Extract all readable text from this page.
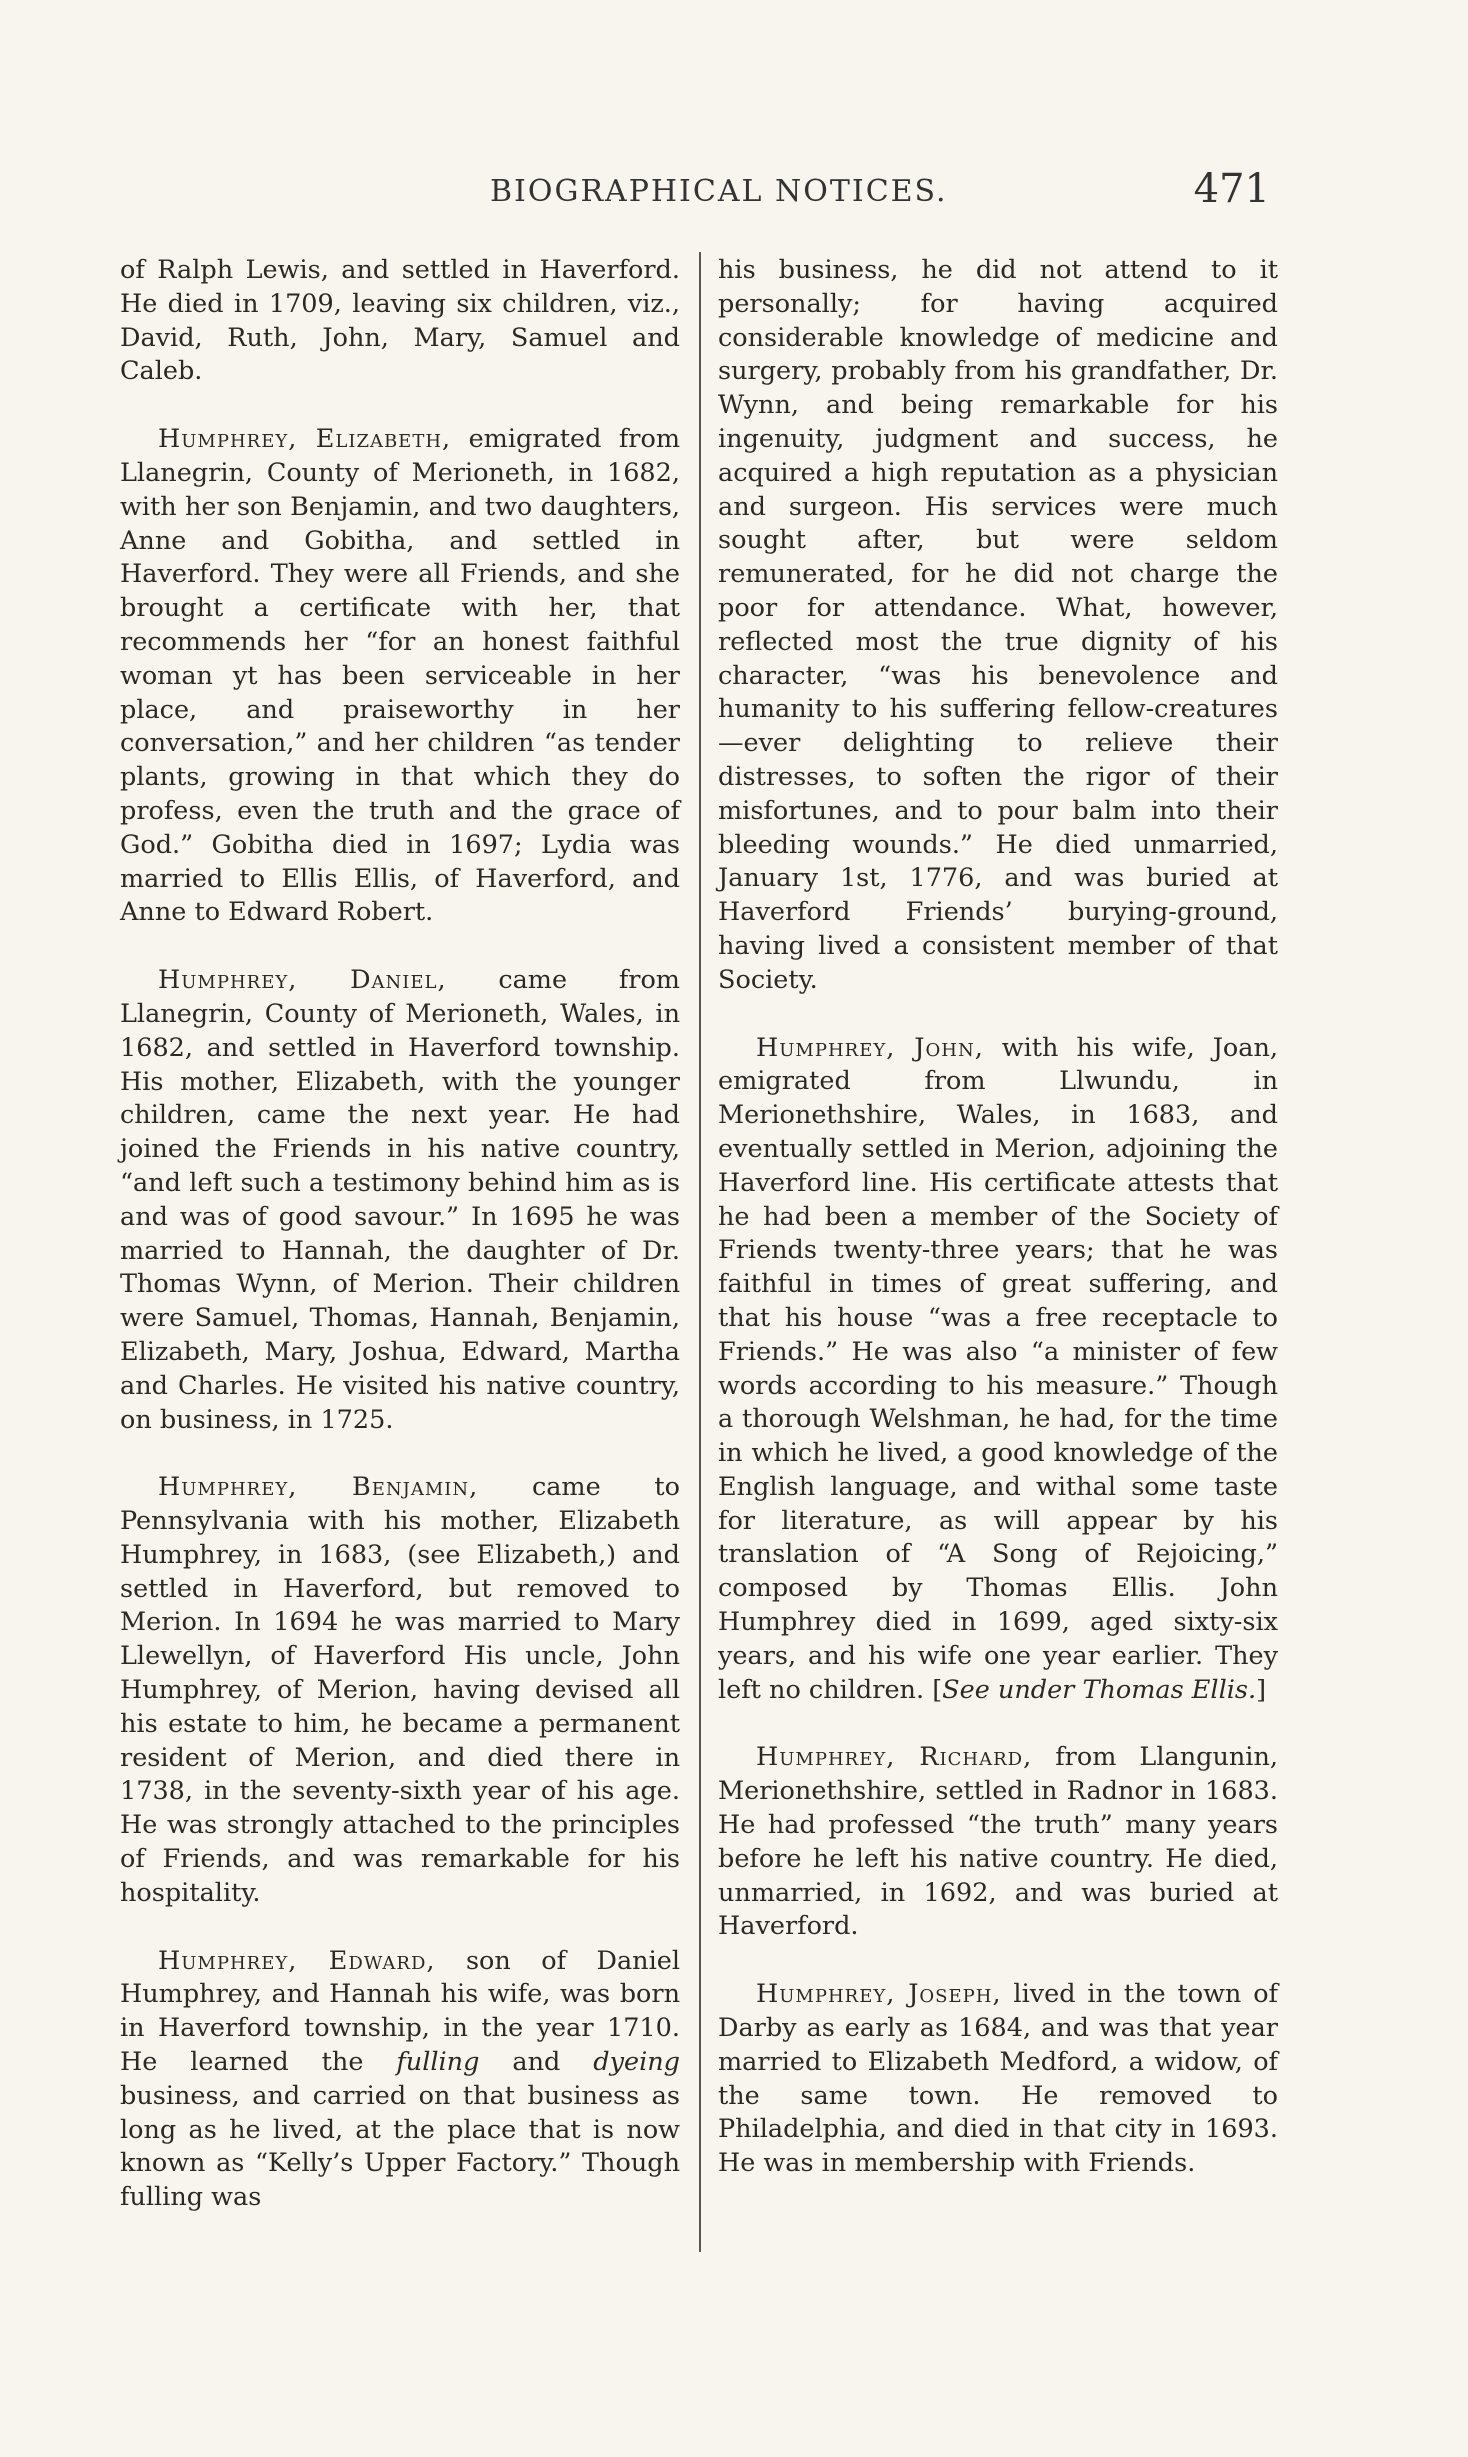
BIOGRAPHICAL NOTICES.	471

of Ralph Lewis, and settled in Haverford. He died in 1709, leaving six children, viz., David, Ruth, John, Mary, Samuel and Caleb.

Humphrey, Elizabeth, emigrated from Llanegrin, County of Merioneth, in 1682, with her son Benjamin, and two daughters, Anne and Gobitha, and settled in Haverford. They were all Friends, and she brought a certificate with her, that recommends her “for an honest faithful woman yt has been serviceable in her place, and praiseworthy in her conversation,” and her children “as tender plants, growing in that which they do profess, even the truth and the grace of God.” Gobitha died in 1697; Lydia was married to Ellis Ellis, of Haverford, and Anne to Edward Robert.

Humphrey, Daniel, came from Llanegrin, County of Merioneth, Wales, in 1682, and settled in Haverford township. His mother, Elizabeth, with the younger children, came the next year. He had joined the Friends in his native country, “and left such a testimony behind him as is and was of good savour.” In 1695 he was married to Hannah, the daughter of Dr. Thomas Wynn, of Merion. Their children were Samuel, Thomas, Hannah, Benjamin, Elizabeth, Mary, Joshua, Edward, Martha and Charles. He visited his native country, on business, in 1725.

Humphrey, Benjamin, came to Pennsylvania with his mother, Elizabeth Humphrey, in 1683, (see Elizabeth,) and settled in Haverford, but removed to Merion. In 1694 he was married to Mary Llewellyn, of Haverford His uncle, John Humphrey, of Merion, having devised all his estate to him, he became a permanent resident of Merion, and died there in 1738, in the seventy-sixth year of his age. He was strongly attached to the principles of Friends, and was remarkable for his hospitality.

Humphrey, Edward, son of Daniel Humphrey, and Hannah his wife, was born in Haverford township, in the year 1710. He learned the fulling and dyeing business, and carried on that business as long as he lived, at the place that is now known as “Kelly’s Upper Factory.” Though fulling was

his business, he did not attend to it personally; for having acquired considerable knowledge of medicine and surgery, probably from his grandfather, Dr. Wynn, and being remarkable for his ingenuity, judgment and success, he acquired a high reputation as a physician and surgeon. His services were much sought after, but were seldom remunerated, for he did not charge the poor for attendance. What, however, reflected most the true dignity of his character, “was his benevolence and humanity to his suffering fellow-creatures—ever delighting to relieve their distresses, to soften the rigor of their misfortunes, and to pour balm into their bleeding wounds.” He died unmarried, January 1st, 1776, and was buried at Haverford Friends’ burying-ground, having lived a consistent member of that Society.

Humphrey, John, with his wife, Joan, emigrated from Llwundu, in Merionethshire, Wales, in 1683, and eventually settled in Merion, adjoining the Haverford line. His certificate attests that he had been a member of the Society of Friends twenty-three years; that he was faithful in times of great suffering, and that his house “was a free receptacle to Friends.” He was also “a minister of few words according to his measure.” Though a thorough Welshman, he had, for the time in which he lived, a good knowledge of the English language, and withal some taste for literature, as will appear by his translation of “A Song of Rejoicing,” composed by Thomas Ellis. John Humphrey died in 1699, aged sixty-six years, and his wife one year earlier. They left no children. [See under Thomas Ellis.]

Humphrey, Richard, from Llangunin, Merionethshire, settled in Radnor in 1683. He had professed “the truth” many years before he left his native country. He died, unmarried, in 1692, and was buried at Haverford.

Humphrey, Joseph, lived in the town of Darby as early as 1684, and was that year married to Elizabeth Medford, a widow, of the same town. He removed to Philadelphia, and died in that city in 1693. He was in membership with Friends.
